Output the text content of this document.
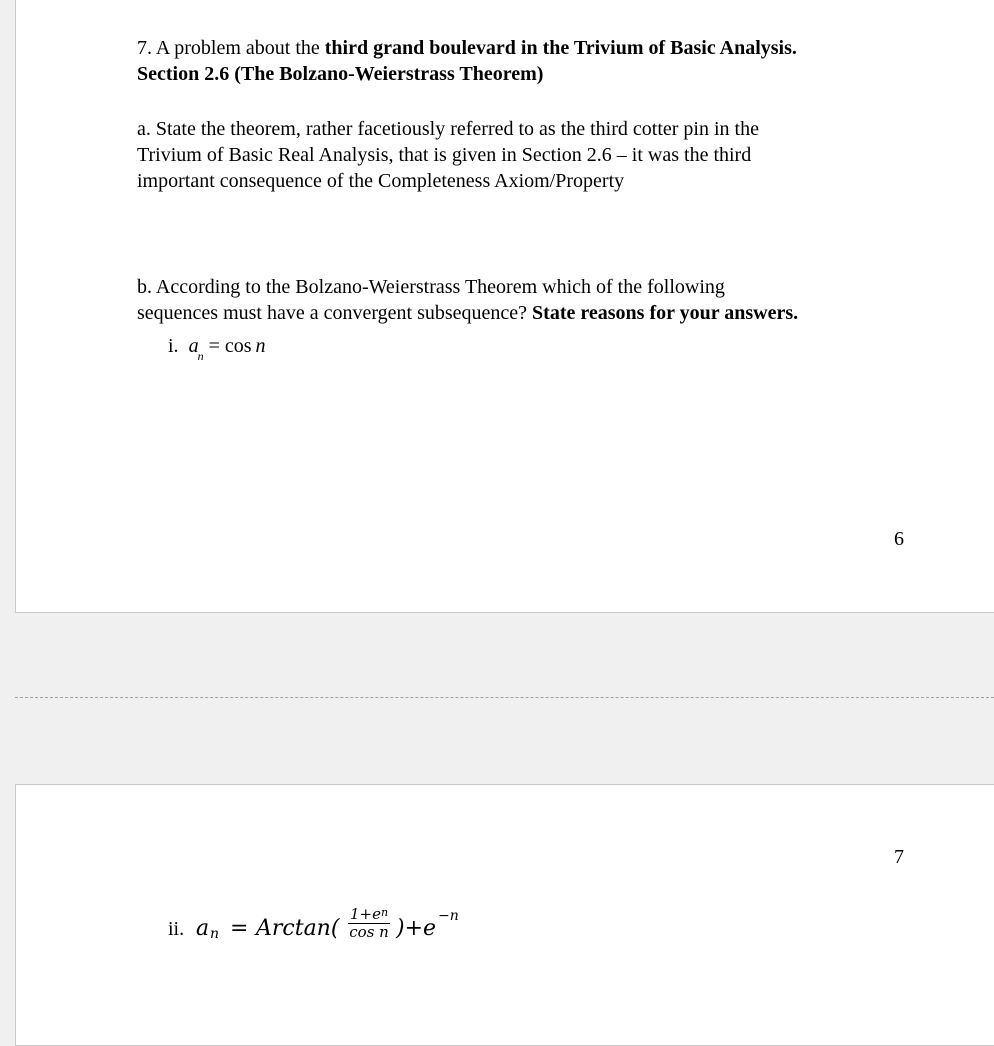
7. A problem about the third grand boulevard in the Trivium of Basic Analysis.
Section 2.6 (The Bolzano-Weierstrass Theorem)
a. State the theorem, rather facetiously referred to as the third cotter pin in the
Trivium of Basic Real Analysis, that is given in Section 2.6 – it was the third
important consequence of the Completeness Axiom/Property
b. According to the Bolzano-Weierstrass Theorem which of the following
sequences must have a convergent subsequence? State reasons for your answers.
i. $a_n = \cos n$
6
7
ii. a $n = Arctan( \frac{1+e^n}{\text{cos n}} )+e -n$
